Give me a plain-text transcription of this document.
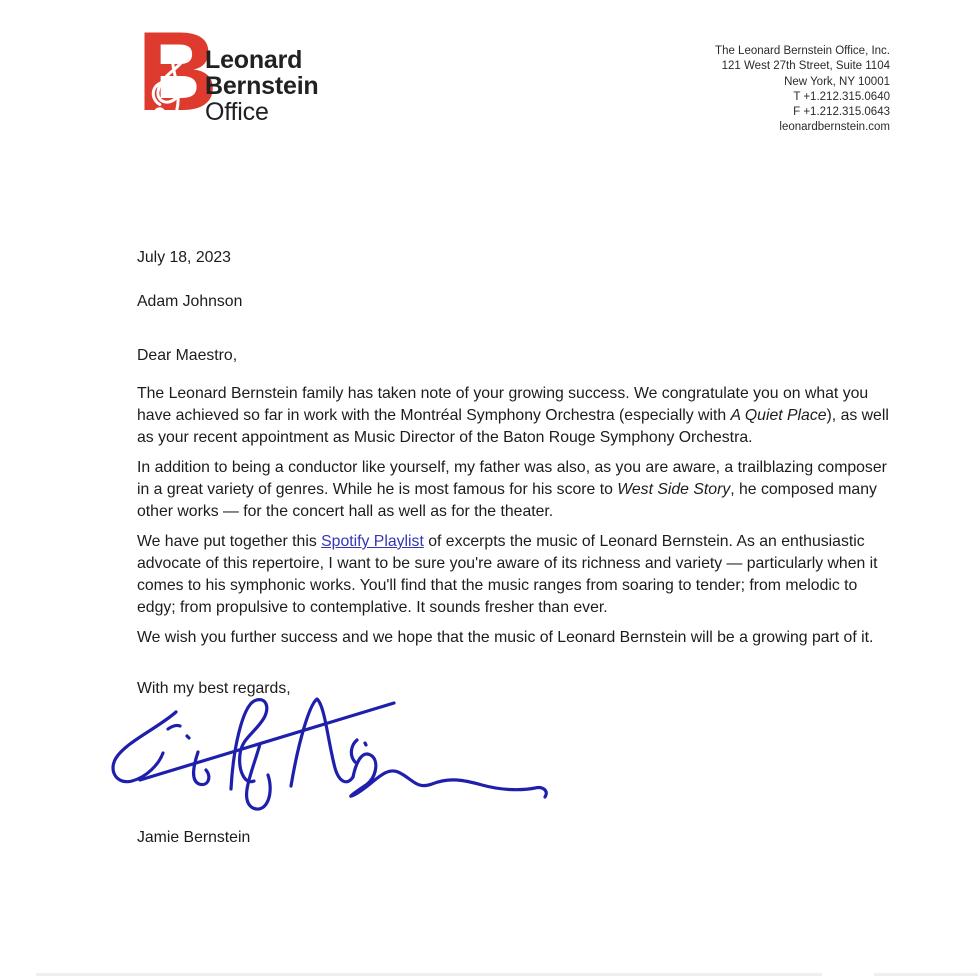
B
Leonard
Bernstein
Office
The Leonard Bernstein Office, Inc.
121 West 27th Street, Suite 1104
New York, NY 10001
T +1.212.315.0640
F +1.212.315.0643
leonardbernstein.com
July 18, 2023
Adam Johnson
Dear Maestro,

The Leonard Bernstein family has taken note of your growing success. We congratulate you on what you have achieved so far in work with the Montréal Symphony Orchestra (especially with A Quiet Place), as well as your recent appointment as Music Director of the Baton Rouge Symphony Orchestra.

In addition to being a conductor like yourself, my father was also, as you are aware, a trailblazing composer in a great variety of genres. While he is most famous for his score to West Side Story, he composed many other works — for the concert hall as well as for the theater.

We have put together this Spotify Playlist of excerpts the music of Leonard Bernstein. As an enthusiastic advocate of this repertoire, I want to be sure you're aware of its richness and variety — particularly when it comes to his symphonic works. You'll find that the music ranges from soaring to tender; from melodic to edgy; from propulsive to contemplative. It sounds fresher than ever.

We wish you further success and we hope that the music of Leonard Bernstein will be a growing part of it.

With my best regards,
Jamie Bernstein
